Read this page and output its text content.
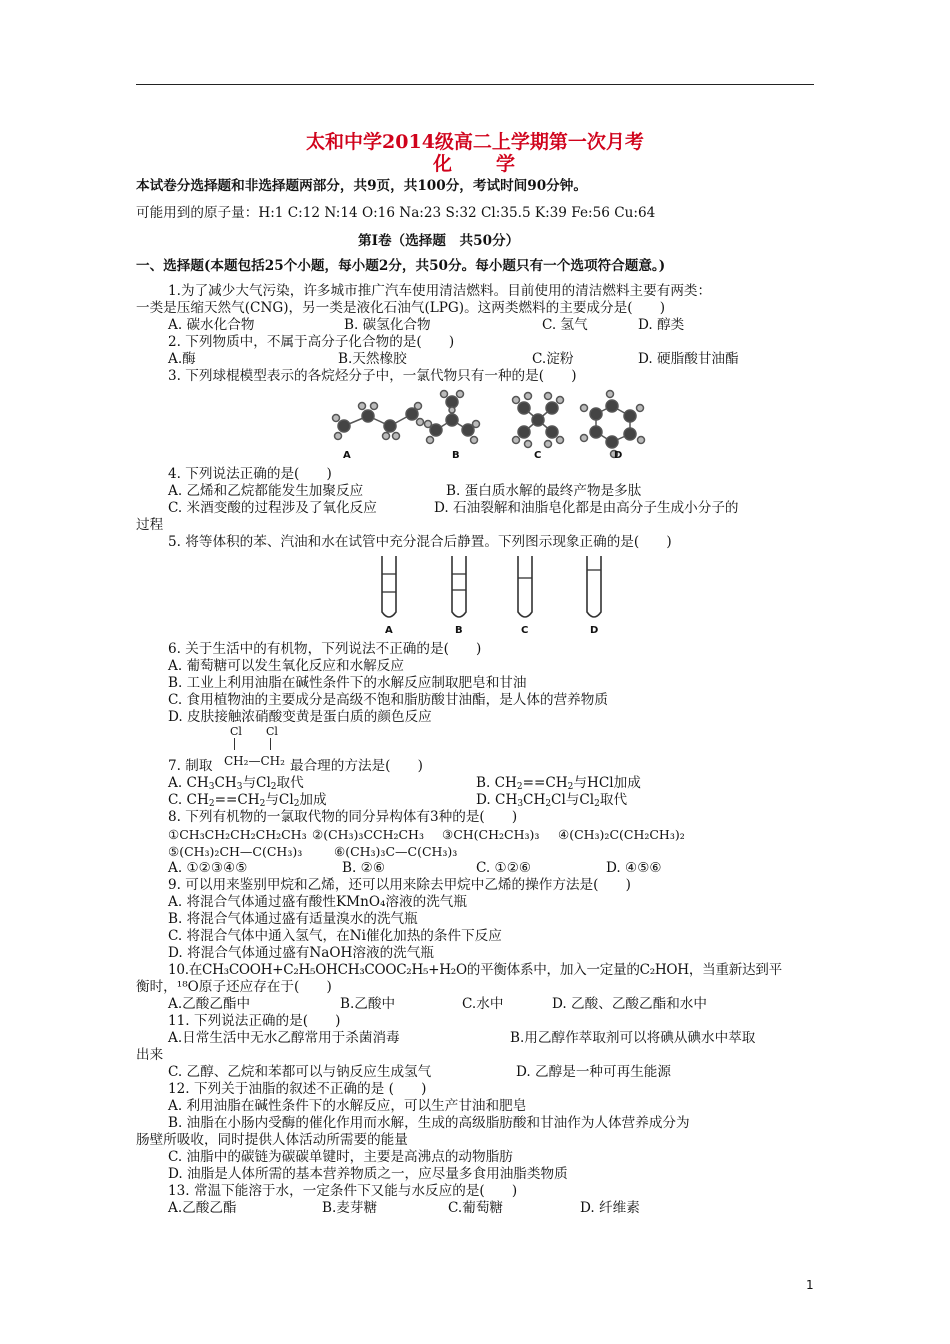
太和中学2014级高二上学期第一次月考
化　　学
本试卷分选择题和非选择题两部分，共9页，共100分，考试时间90分钟。
可能用到的原子量：H:1 C:12 N:14 O:16 Na:23 S:32 Cl:35.5 K:39 Fe:56 Cu:64
第Ⅰ卷（选择题　共50分）
一、选择题(本题包括25个小题，每小题2分，共50分。每小题只有一个选项符合题意。)
1.为了减少大气污染，许多城市推广汽车使用清洁燃料。目前使用的清洁燃料主要有两类：
一类是压缩天然气(CNG)，另一类是液化石油气(LPG)。这两类燃料的主要成分是(　　)
A. 碳水化合物	B. 碳氢化合物	C. 氢气	D. 醇类
2. 下列物质中，不属于高分子化合物的是(　　)
A.酶	B.天然橡胶	C.淀粉	D. 硬脂酸甘油酯
3. 下列球棍模型表示的各烷烃分子中，一氯代物只有一种的是(　　)
A	B	C	D
4. 下列说法正确的是(　　)
A. 乙烯和乙烷都能发生加聚反应	B. 蛋白质水解的最终产物是多肽
C. 米酒变酸的过程涉及了氧化反应	D. 石油裂解和油脂皂化都是由高分子生成小分子的
过程
5. 将等体积的苯、汽油和水在试管中充分混合后静置。下列图示现象正确的是(　　)
A	B	C	D
6. 关于生活中的有机物，下列说法不正确的是(　　)
A. 葡萄糖可以发生氧化反应和水解反应
B. 工业上利用油脂在碱性条件下的水解反应制取肥皂和甘油
C. 食用植物油的主要成分是高级不饱和脂肪酸甘油酯，是人体的营养物质
D. 皮肤接触浓硝酸变黄是蛋白质的颜色反应
Cl Cl
7. 制取 CH₂—CH₂ 最合理的方法是(　　)
A. $CH_3CH_3$与$Cl_2$取代	B. $CH_2==CH_2$与HCl加成
C. $CH_2==CH_2$与$Cl_2$加成	D. $CH_3CH_2Cl$与$Cl_2$取代
8. 下列有机物的一氯取代物的同分异构体有3种的是(　　)
①CH₃CH₂CH₂CH₂CH₃ ②(CH₃)₃CCH₂CH₃ ③CH(CH₂CH₃)₃ ④(CH₃)₂C(CH₂CH₃)₂
⑤(CH₃)₂CH—C(CH₃)₃	⑥(CH₃)₃C—C(CH₃)₃
A. ①②③④⑤	B. ②⑥	C. ①②⑥	D. ④⑤⑥
9. 可以用来鉴别甲烷和乙烯，还可以用来除去甲烷中乙烯的操作方法是(　　)
A. 将混合气体通过盛有酸性KMnO₄溶液的洗气瓶
B. 将混合气体通过盛有适量溴水的洗气瓶
C. 将混合气体中通入氢气，在Ni催化加热的条件下反应
D. 将混合气体通过盛有NaOH溶液的洗气瓶
10.在CH₃COOH+C₂H₅OHCH₃COOC₂H₅+H₂O的平衡体系中，加入一定量的C₂HOH，当重新达到平
衡时，¹⁸O原子还应存在于(　　)
A.乙酸乙酯中	B.乙酸中	C.水中	D. 乙酸、乙酸乙酯和水中
11. 下列说法正确的是(　　)
A.日常生活中无水乙醇常用于杀菌消毒	B.用乙醇作萃取剂可以将碘从碘水中萃取
出来
C. 乙醇、乙烷和苯都可以与钠反应生成氢气	D. 乙醇是一种可再生能源
12. 下列关于油脂的叙述不正确的是 (　　)
A. 利用油脂在碱性条件下的水解反应，可以生产甘油和肥皂
B. 油脂在小肠内受酶的催化作用而水解，生成的高级脂肪酸和甘油作为人体营养成分为
肠壁所吸收，同时提供人体活动所需要的能量
C. 油脂中的碳链为碳碳单键时，主要是高沸点的动物脂肪
D. 油脂是人体所需的基本营养物质之一，应尽量多食用油脂类物质
13. 常温下能溶于水，一定条件下又能与水反应的是(　　)
A.乙酸乙酯	B.麦芽糖	C.葡萄糖	D. 纤维素
1
